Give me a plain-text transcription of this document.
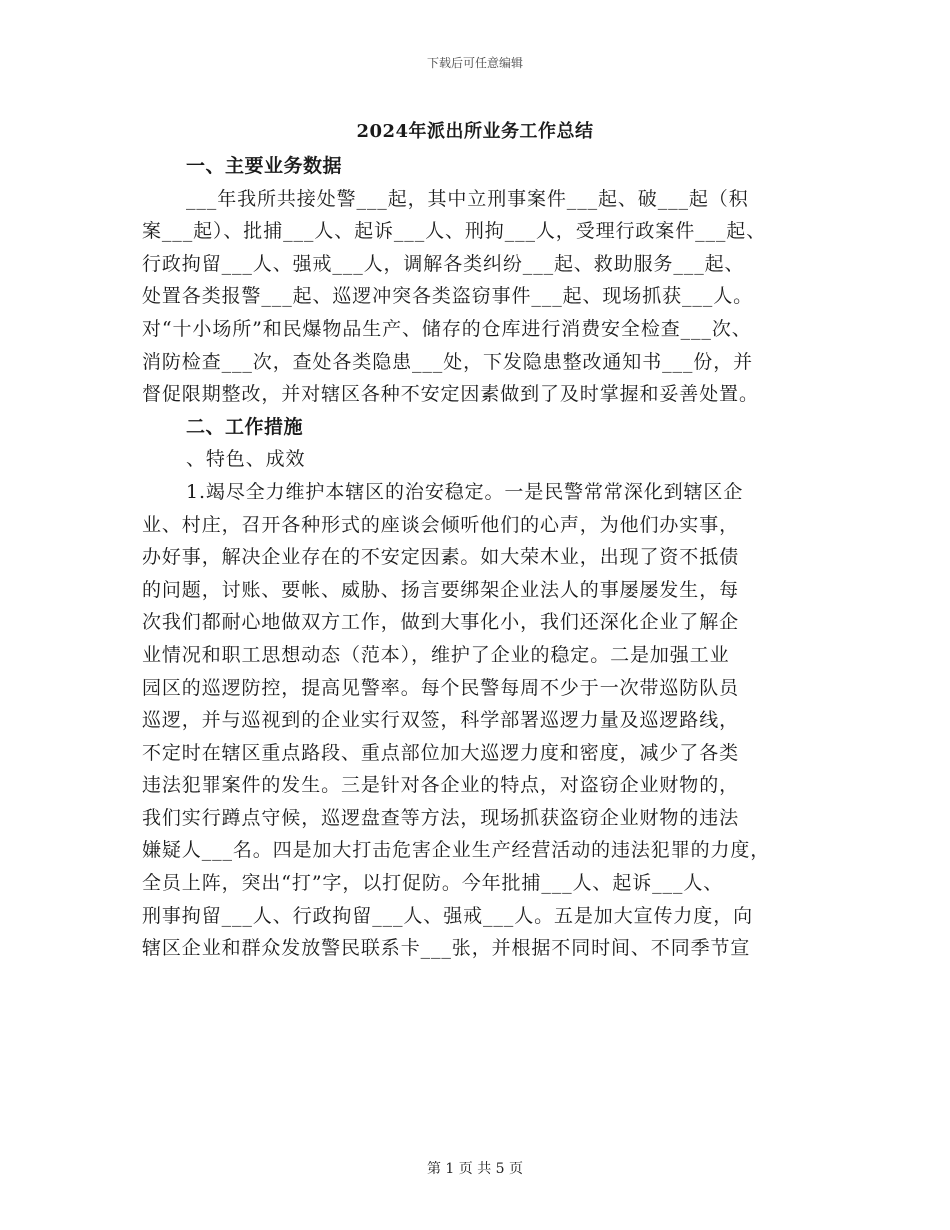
下载后可任意编辑
2024年派出所业务工作总结
一、主要业务数据
___年我所共接处警___起，其中立刑事案件___起、破___起（积
案___起）、批捕___人、起诉___人、刑拘___人，受理行政案件___起、
行政拘留___人、强戒___人，调解各类纠纷___起、救助服务___起、
处置各类报警___起、巡逻冲突各类盗窃事件___起、现场抓获___人。
对“十小场所”和民爆物品生产、储存的仓库进行消费安全检查___次、
消防检查___次，查处各类隐患___处，下发隐患整改通知书___份，并
督促限期整改，并对辖区各种不安定因素做到了及时掌握和妥善处置。
二、工作措施
、特色、成效
1.竭尽全力维护本辖区的治安稳定。一是民警常常深化到辖区企
业、村庄，召开各种形式的座谈会倾听他们的心声，为他们办实事，
办好事，解决企业存在的不安定因素。如大荣木业，出现了资不抵债
的问题，讨账、要帐、威胁、扬言要绑架企业法人的事屡屡发生，每
次我们都耐心地做双方工作，做到大事化小，我们还深化企业了解企
业情况和职工思想动态（范本），维护了企业的稳定。二是加强工业
园区的巡逻防控，提高见警率。每个民警每周不少于一次带巡防队员
巡逻，并与巡视到的企业实行双签，科学部署巡逻力量及巡逻路线，
不定时在辖区重点路段、重点部位加大巡逻力度和密度，减少了各类
违法犯罪案件的发生。三是针对各企业的特点，对盗窃企业财物的，
我们实行蹲点守候，巡逻盘查等方法，现场抓获盗窃企业财物的违法
嫌疑人___名。四是加大打击危害企业生产经营活动的违法犯罪的力度，
全员上阵，突出“打”字，以打促防。今年批捕___人、起诉___人、
刑事拘留___人、行政拘留___人、强戒___人。五是加大宣传力度，向
辖区企业和群众发放警民联系卡___张，并根据不同时间、不同季节宣
第 1 页 共 5 页
